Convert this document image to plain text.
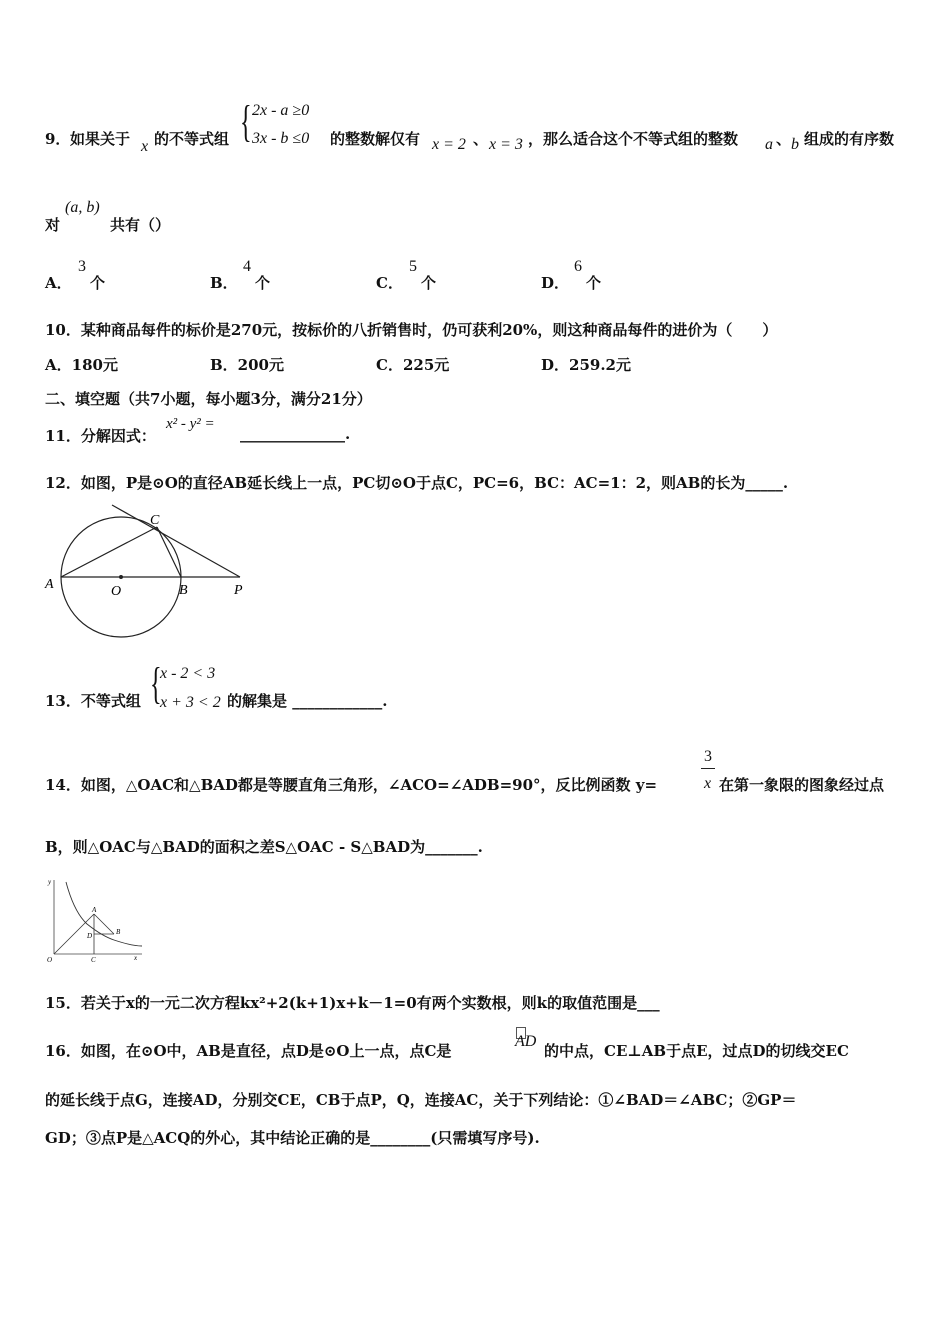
9． 如果关于 x 的不等式组 { 2x - a ≥0
3x - b ≤0 的整数解仅有 x = 2 、 x = 3 ，那么适合这个不等式组的整数 a 、 b 组成的有序数
对
(a, b)
共有（）
A．
3
个	B．
4
个	C．
5
个	D．
6
个
10．某种商品每件的标价是270元，按标价的八折销售时，仍可获利20%，则这种商品每件的进价为（　　）
A．180元	B．200元	C．225元	D．259.2元
二、填空题（共7小题，每小题3分，满分21分）
11．分解因式：
x² - y² =
______________.
12．如图，P是⊙O的直径AB延长线上一点，PC切⊙O于点C，PC=6，BC：AC=1：2，则AB的长为_____.
A	O	B	P
C
13．不等式组 {
x - 2 < 3
x + 3 < 2 的解集是 ____________.
14．如图，△OAC和△BAD都是等腰直角三角形，∠ACO=∠ADB=90°，反比例函数 y=
3
x 在第一象限的图象经过点
B，则△OAC与△BAD的面积之差S△OAC - S△BAD为_______.
y
x
O	C
A
D	B
15．若关于x的一元二次方程kx²+2(k+1)x+k－1=0有两个实数根，则k的取值范围是___
16．如图，在⊙O中，AB是直径，点D是⊙O上一点，点C是
AD
的中点，CE⊥AB于点E，过点D的切线交EC
的延长线于点G，连接AD，分别交CE，CB于点P，Q，连接AC，关于下列结论：①∠BAD＝∠ABC；②GP＝
GD；③点P是△ACQ的外心，其中结论正确的是________(只需填写序号).
